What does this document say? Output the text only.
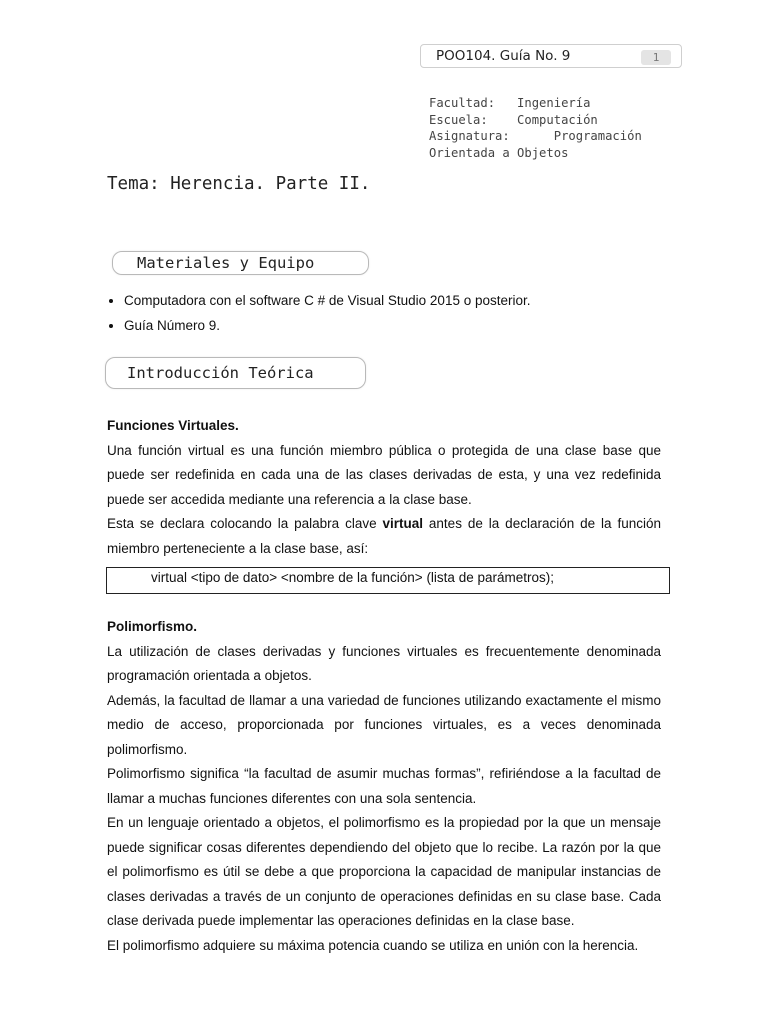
POO104. Guía No. 9	1
Facultad:   Ingeniería
Escuela:    Computación
Asignatura:      Programación
Orientada a Objetos
Tema: Herencia. Parte II.
Materiales y Equipo
• Computadora con el software C # de Visual Studio 2015 o posterior.
• Guía Número 9.
Introducción Teórica

Funciones Virtuales.

Una función virtual es una función miembro pública o protegida de una clase base que puede ser redefinida en cada una de las clases derivadas de esta, y una vez redefinida puede ser accedida mediante una referencia a la clase base.

Esta se declara colocando la palabra clave virtual antes de la declaración de la función miembro perteneciente a la clase base, así:

virtual <tipo de dato> <nombre de la función> (lista de parámetros);

Polimorfismo.

La utilización de clases derivadas y funciones virtuales es frecuentemente denominada programación orientada a objetos.

Además, la facultad de llamar a una variedad de funciones utilizando exactamente el mismo medio de acceso, proporcionada por funciones virtuales, es a veces denominada polimorfismo.

Polimorfismo significa “la facultad de asumir muchas formas”, refiriéndose a la facultad de llamar a muchas funciones diferentes con una sola sentencia.

En un lenguaje orientado a objetos, el polimorfismo es la propiedad por la que un mensaje puede significar cosas diferentes dependiendo del objeto que lo recibe. La razón por la que el polimorfismo es útil se debe a que proporciona la capacidad de manipular instancias de clases derivadas a través de un conjunto de operaciones definidas en su clase base. Cada clase derivada puede implementar las operaciones definidas en la clase base.

El polimorfismo adquiere su máxima potencia cuando se utiliza en unión con la herencia.
